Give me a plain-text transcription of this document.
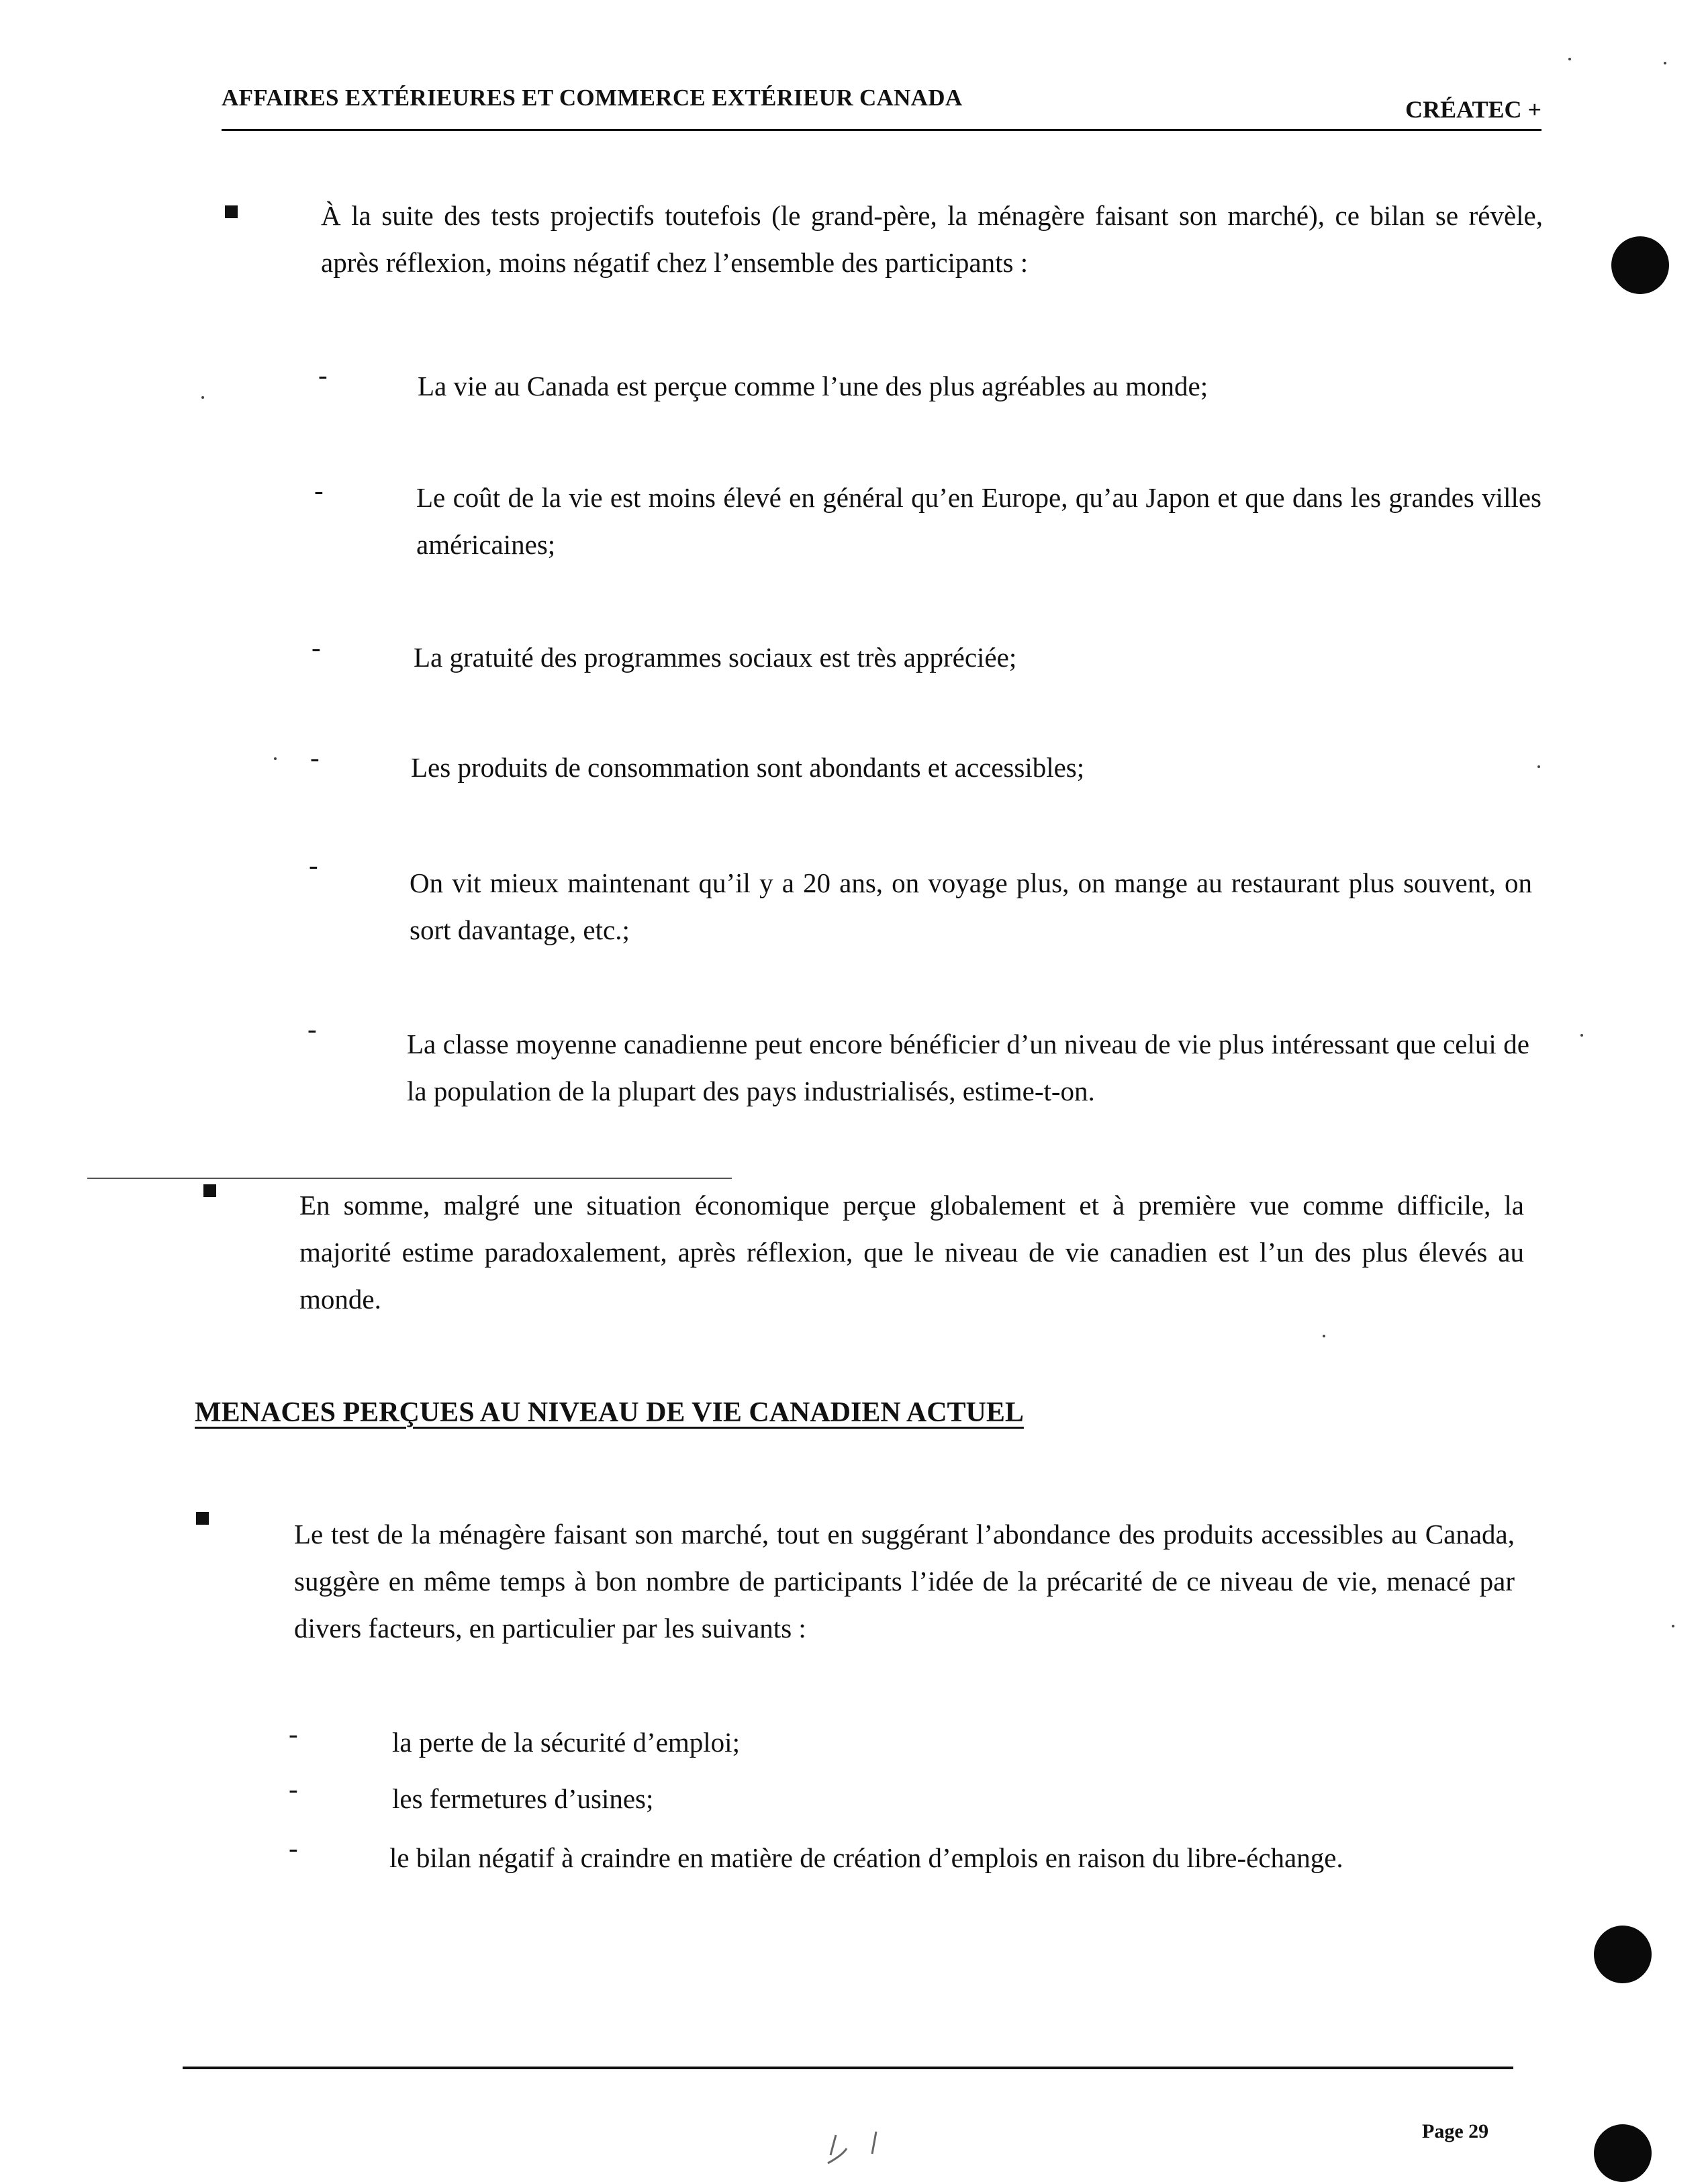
AFFAIRES EXTÉRIEURES ET COMMERCE EXTÉRIEUR CANADA	CRÉATEC +
À la suite des tests projectifs toutefois (le grand-père, la ménagère faisant son marché), ce bilan se révèle, après réflexion, moins négatif chez l’ensemble des participants :
-	La vie au Canada est perçue comme l’une des plus agréables au monde;
-	Le coût de la vie est moins élevé en général qu’en Europe, qu’au Japon et que dans les grandes villes américaines;
-	La gratuité des programmes sociaux est très appréciée;
-	Les produits de consommation sont abondants et accessibles;
-
On vit mieux maintenant qu’il y a 20 ans, on voyage plus, on mange au restaurant plus souvent, on sort davantage, etc.;
-	La classe moyenne canadienne peut encore bénéficier d’un niveau de vie plus intéressant que celui de la population de la plupart des pays industrialisés, estime-t-on.
En somme, malgré une situation économique perçue globalement et à première vue comme difficile, la majorité estime paradoxalement, après réflexion, que le niveau de vie canadien est l’un des plus élevés au monde.
MENACES PERÇUES AU NIVEAU DE VIE CANADIEN ACTUEL
Le test de la ménagère faisant son marché, tout en suggérant l’abondance des produits accessibles au Canada, suggère en même temps à bon nombre de participants l’idée de la précarité de ce niveau de vie, menacé par divers facteurs, en particulier par les suivants :
-	la perte de la sécurité d’emploi;
-	les fermetures d’usines;
-	le bilan négatif à craindre en matière de création d’emplois en raison du libre-échange.
Page 29
